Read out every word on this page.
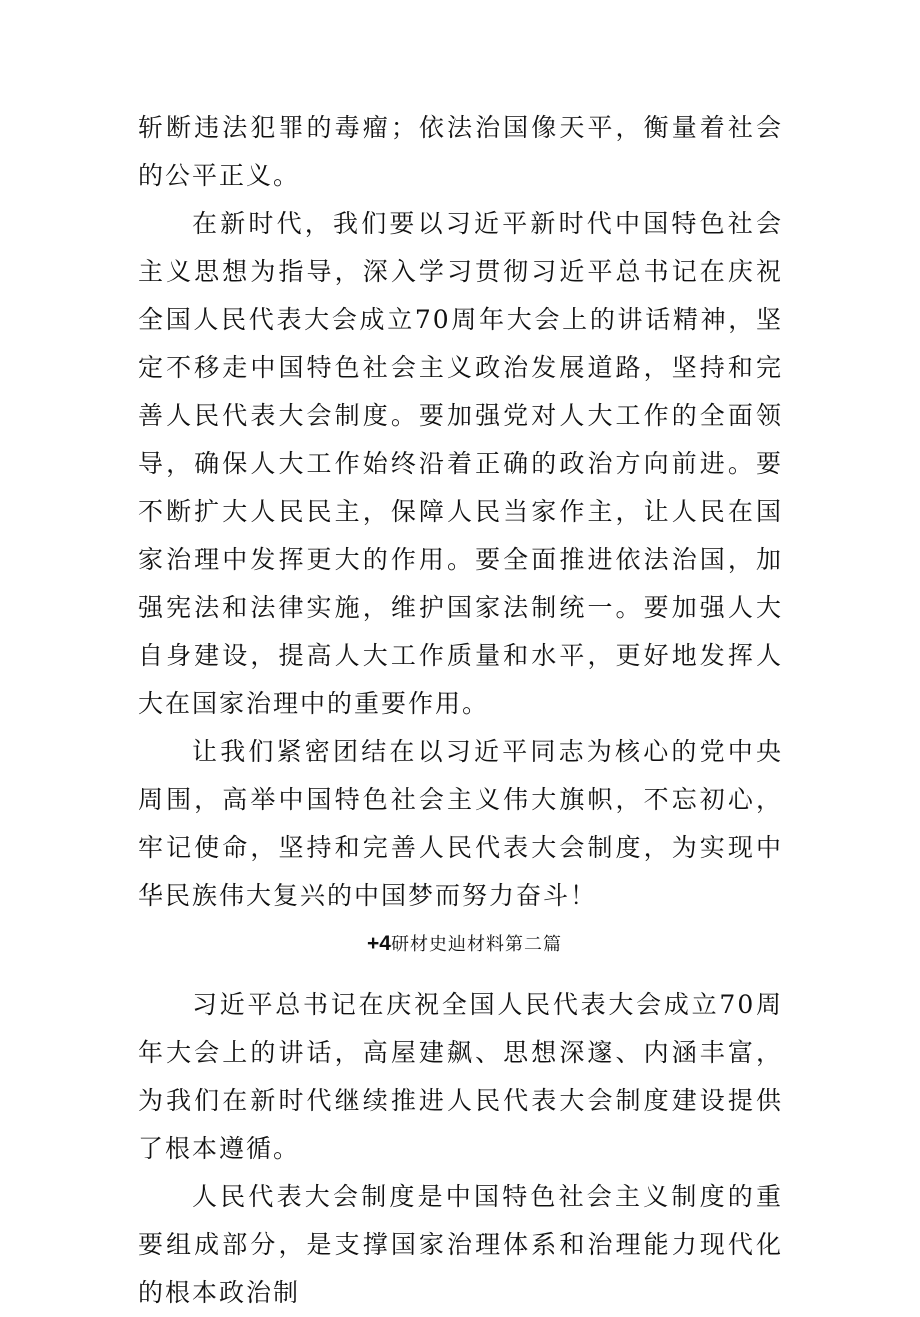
斩断违法犯罪的毒瘤；依法治国像天平，衡量着社会的公平正义。

在新时代，我们要以习近平新时代中国特色社会主义思想为指导，深入学习贯彻习近平总书记在庆祝全国人民代表大会成立70周年大会上的讲话精神，坚定不移走中国特色社会主义政治发展道路，坚持和完善人民代表大会制度。要加强党对人大工作的全面领导，确保人大工作始终沿着正确的政治方向前进。要不断扩大人民民主，保障人民当家作主，让人民在国家治理中发挥更大的作用。要全面推进依法治国，加强宪法和法律实施，维护国家法制统一。要加强人大自身建设，提高人大工作质量和水平，更好地发挥人大在国家治理中的重要作用。

让我们紧密团结在以习近平同志为核心的党中央周围，高举中国特色社会主义伟大旗帜，不忘初心，牢记使命，坚持和完善人民代表大会制度，为实现中华民族伟大复兴的中国梦而努力奋斗！

+4研材史辿材料第二篇

习近平总书记在庆祝全国人民代表大会成立70周年大会上的讲话，高屋建飙、思想深邃、内涵丰富，为我们在新时代继续推进人民代表大会制度建设提供了根本遵循。

人民代表大会制度是中国特色社会主义制度的重要组成部分，是支撑国家治理体系和治理能力现代化的根本政治制
